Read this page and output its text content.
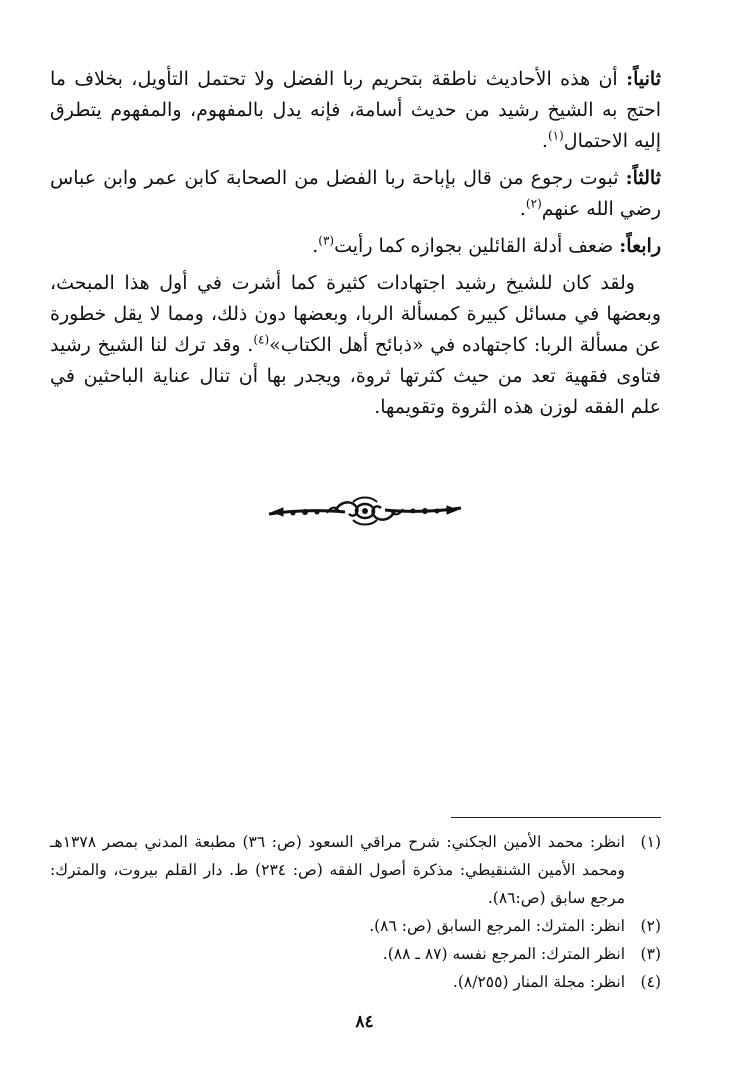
ثانياً: أن هذه الأحاديث ناطقة بتحريم ربا الفضل ولا تحتمل التأويل، بخلاف ما احتج به الشيخ رشيد من حديث أسامة، فإنه يدل بالمفهوم، والمفهوم يتطرق إليه الاحتمال$^{(١)}$.

ثالثاً: ثبوت رجوع من قال بإباحة ربا الفضل من الصحابة كابن عمر وابن عباس رضي الله عنهم$^{(٢)}$.

رابعاً: ضعف أدلة القائلين بجوازه كما رأيت$^{(٣)}$.

ولقد كان للشيخ رشيد اجتهادات كثيرة كما أشرت في أول هذا المبحث، وبعضها في مسائل كبيرة كمسألة الربا، وبعضها دون ذلك، ومما لا يقل خطورة عن مسألة الربا: كاجتهاده في «ذبائح أهل الكتاب»$^{(٤)}$. وقد ترك لنا الشيخ رشيد فتاوى فقهية تعد من حيث كثرتها ثروة، ويجدر بها أن تنال عناية الباحثين في علم الفقه لوزن هذه الثروة وتقويمها.

(١)
انظر: محمد الأمين الجكني: شرح مراقي السعود (ص: ٣٦) مطبعة المدني بمصر ١٣٧٨هـ ومحمد الأمين الشنقيطي: مذكرة أصول الفقه (ص: ٢٣٤) ط. دار القلم بيروت، والمترك: مرجع سابق (ص:٨٦).
(٢)
انظر: المترك: المرجع السابق (ص: ٨٦).
(٣)
انظر المترك: المرجع نفسه (٨٧ ـ ٨٨).
(٤)
انظر: مجلة المنار (٨/٢٥٥).
٨٤
